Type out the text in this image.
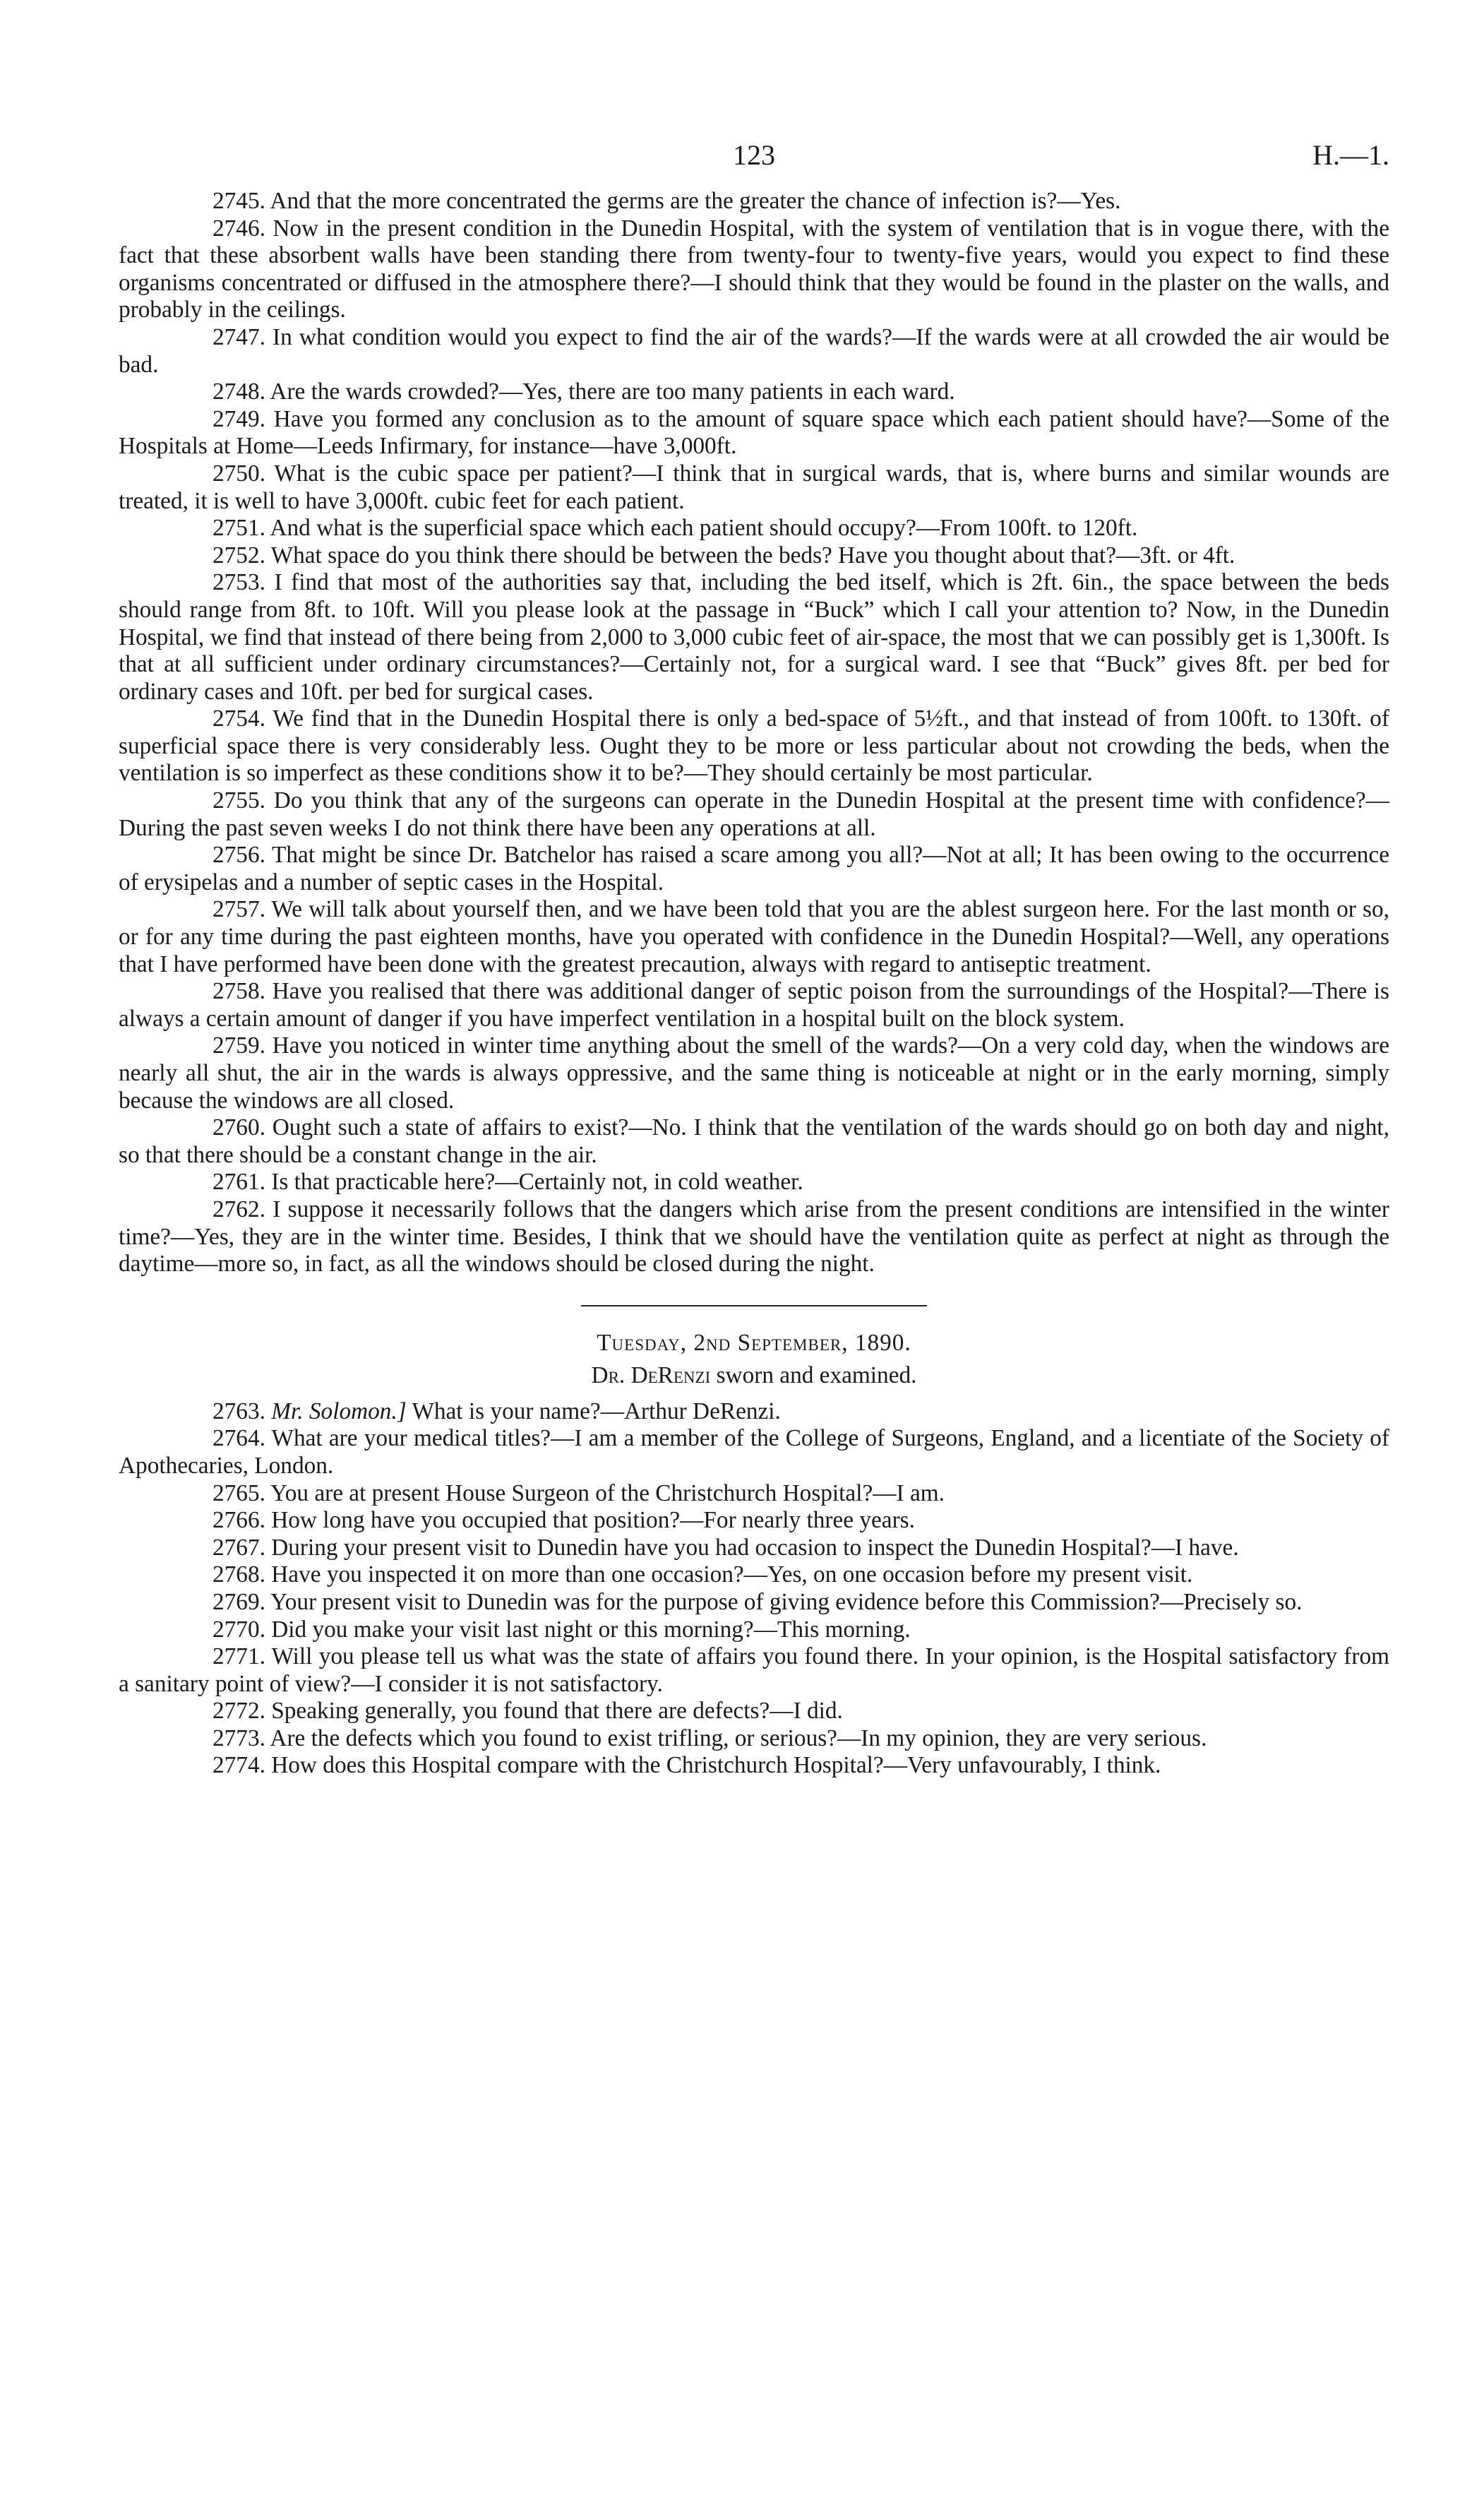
123	H.—1.

2745. And that the more concentrated the germs are the greater the chance of infection is?—Yes.

2746. Now in the present condition in the Dunedin Hospital, with the system of ventilation that is in vogue there, with the fact that these absorbent walls have been standing there from twenty-four to twenty-five years, would you expect to find these organisms concentrated or diffused in the atmosphere there?—I should think that they would be found in the plaster on the walls, and probably in the ceilings.

2747. In what condition would you expect to find the air of the wards?—If the wards were at all crowded the air would be bad.

2748. Are the wards crowded?—Yes, there are too many patients in each ward.

2749. Have you formed any conclusion as to the amount of square space which each patient should have?—Some of the Hospitals at Home—Leeds Infirmary, for instance—have 3,000ft.

2750. What is the cubic space per patient?—I think that in surgical wards, that is, where burns and similar wounds are treated, it is well to have 3,000ft. cubic feet for each patient.

2751. And what is the superficial space which each patient should occupy?—From 100ft. to 120ft.

2752. What space do you think there should be between the beds? Have you thought about that?—3ft. or 4ft.

2753. I find that most of the authorities say that, including the bed itself, which is 2ft. 6in., the space between the beds should range from 8ft. to 10ft. Will you please look at the passage in “Buck” which I call your attention to? Now, in the Dunedin Hospital, we find that instead of there being from 2,000 to 3,000 cubic feet of air-space, the most that we can possibly get is 1,300ft. Is that at all sufficient under ordinary circumstances?—Certainly not, for a surgical ward. I see that “Buck” gives 8ft. per bed for ordinary cases and 10ft. per bed for surgical cases.

2754. We find that in the Dunedin Hospital there is only a bed-space of 5½ft., and that instead of from 100ft. to 130ft. of superficial space there is very considerably less. Ought they to be more or less particular about not crowding the beds, when the ventilation is so imperfect as these conditions show it to be?—They should certainly be most particular.

2755. Do you think that any of the surgeons can operate in the Dunedin Hospital at the present time with confidence?—During the past seven weeks I do not think there have been any operations at all.

2756. That might be since Dr. Batchelor has raised a scare among you all?—Not at all; It has been owing to the occurrence of erysipelas and a number of septic cases in the Hospital.

2757. We will talk about yourself then, and we have been told that you are the ablest surgeon here. For the last month or so, or for any time during the past eighteen months, have you operated with confidence in the Dunedin Hospital?—Well, any operations that I have performed have been done with the greatest precaution, always with regard to antiseptic treatment.

2758. Have you realised that there was additional danger of septic poison from the surroundings of the Hospital?—There is always a certain amount of danger if you have imperfect ventilation in a hospital built on the block system.

2759. Have you noticed in winter time anything about the smell of the wards?—On a very cold day, when the windows are nearly all shut, the air in the wards is always oppressive, and the same thing is noticeable at night or in the early morning, simply because the windows are all closed.

2760. Ought such a state of affairs to exist?—No. I think that the ventilation of the wards should go on both day and night, so that there should be a constant change in the air.

2761. Is that practicable here?—Certainly not, in cold weather.

2762. I suppose it necessarily follows that the dangers which arise from the present conditions are intensified in the winter time?—Yes, they are in the winter time. Besides, I think that we should have the ventilation quite as perfect at night as through the daytime—more so, in fact, as all the windows should be closed during the night.

Tuesday, 2nd September, 1890.
Dr. DeRenzi sworn and examined.

2763. Mr. Solomon.] What is your name?—Arthur DeRenzi.

2764. What are your medical titles?—I am a member of the College of Surgeons, England, and a licentiate of the Society of Apothecaries, London.

2765. You are at present House Surgeon of the Christchurch Hospital?—I am.

2766. How long have you occupied that position?—For nearly three years.

2767. During your present visit to Dunedin have you had occasion to inspect the Dunedin Hospital?—I have.

2768. Have you inspected it on more than one occasion?—Yes, on one occasion before my present visit.

2769. Your present visit to Dunedin was for the purpose of giving evidence before this Commission?—Precisely so.

2770. Did you make your visit last night or this morning?—This morning.

2771. Will you please tell us what was the state of affairs you found there. In your opinion, is the Hospital satisfactory from a sanitary point of view?—I consider it is not satisfactory.

2772. Speaking generally, you found that there are defects?—I did.

2773. Are the defects which you found to exist trifling, or serious?—In my opinion, they are very serious.

2774. How does this Hospital compare with the Christchurch Hospital?—Very unfavourably, I think.
